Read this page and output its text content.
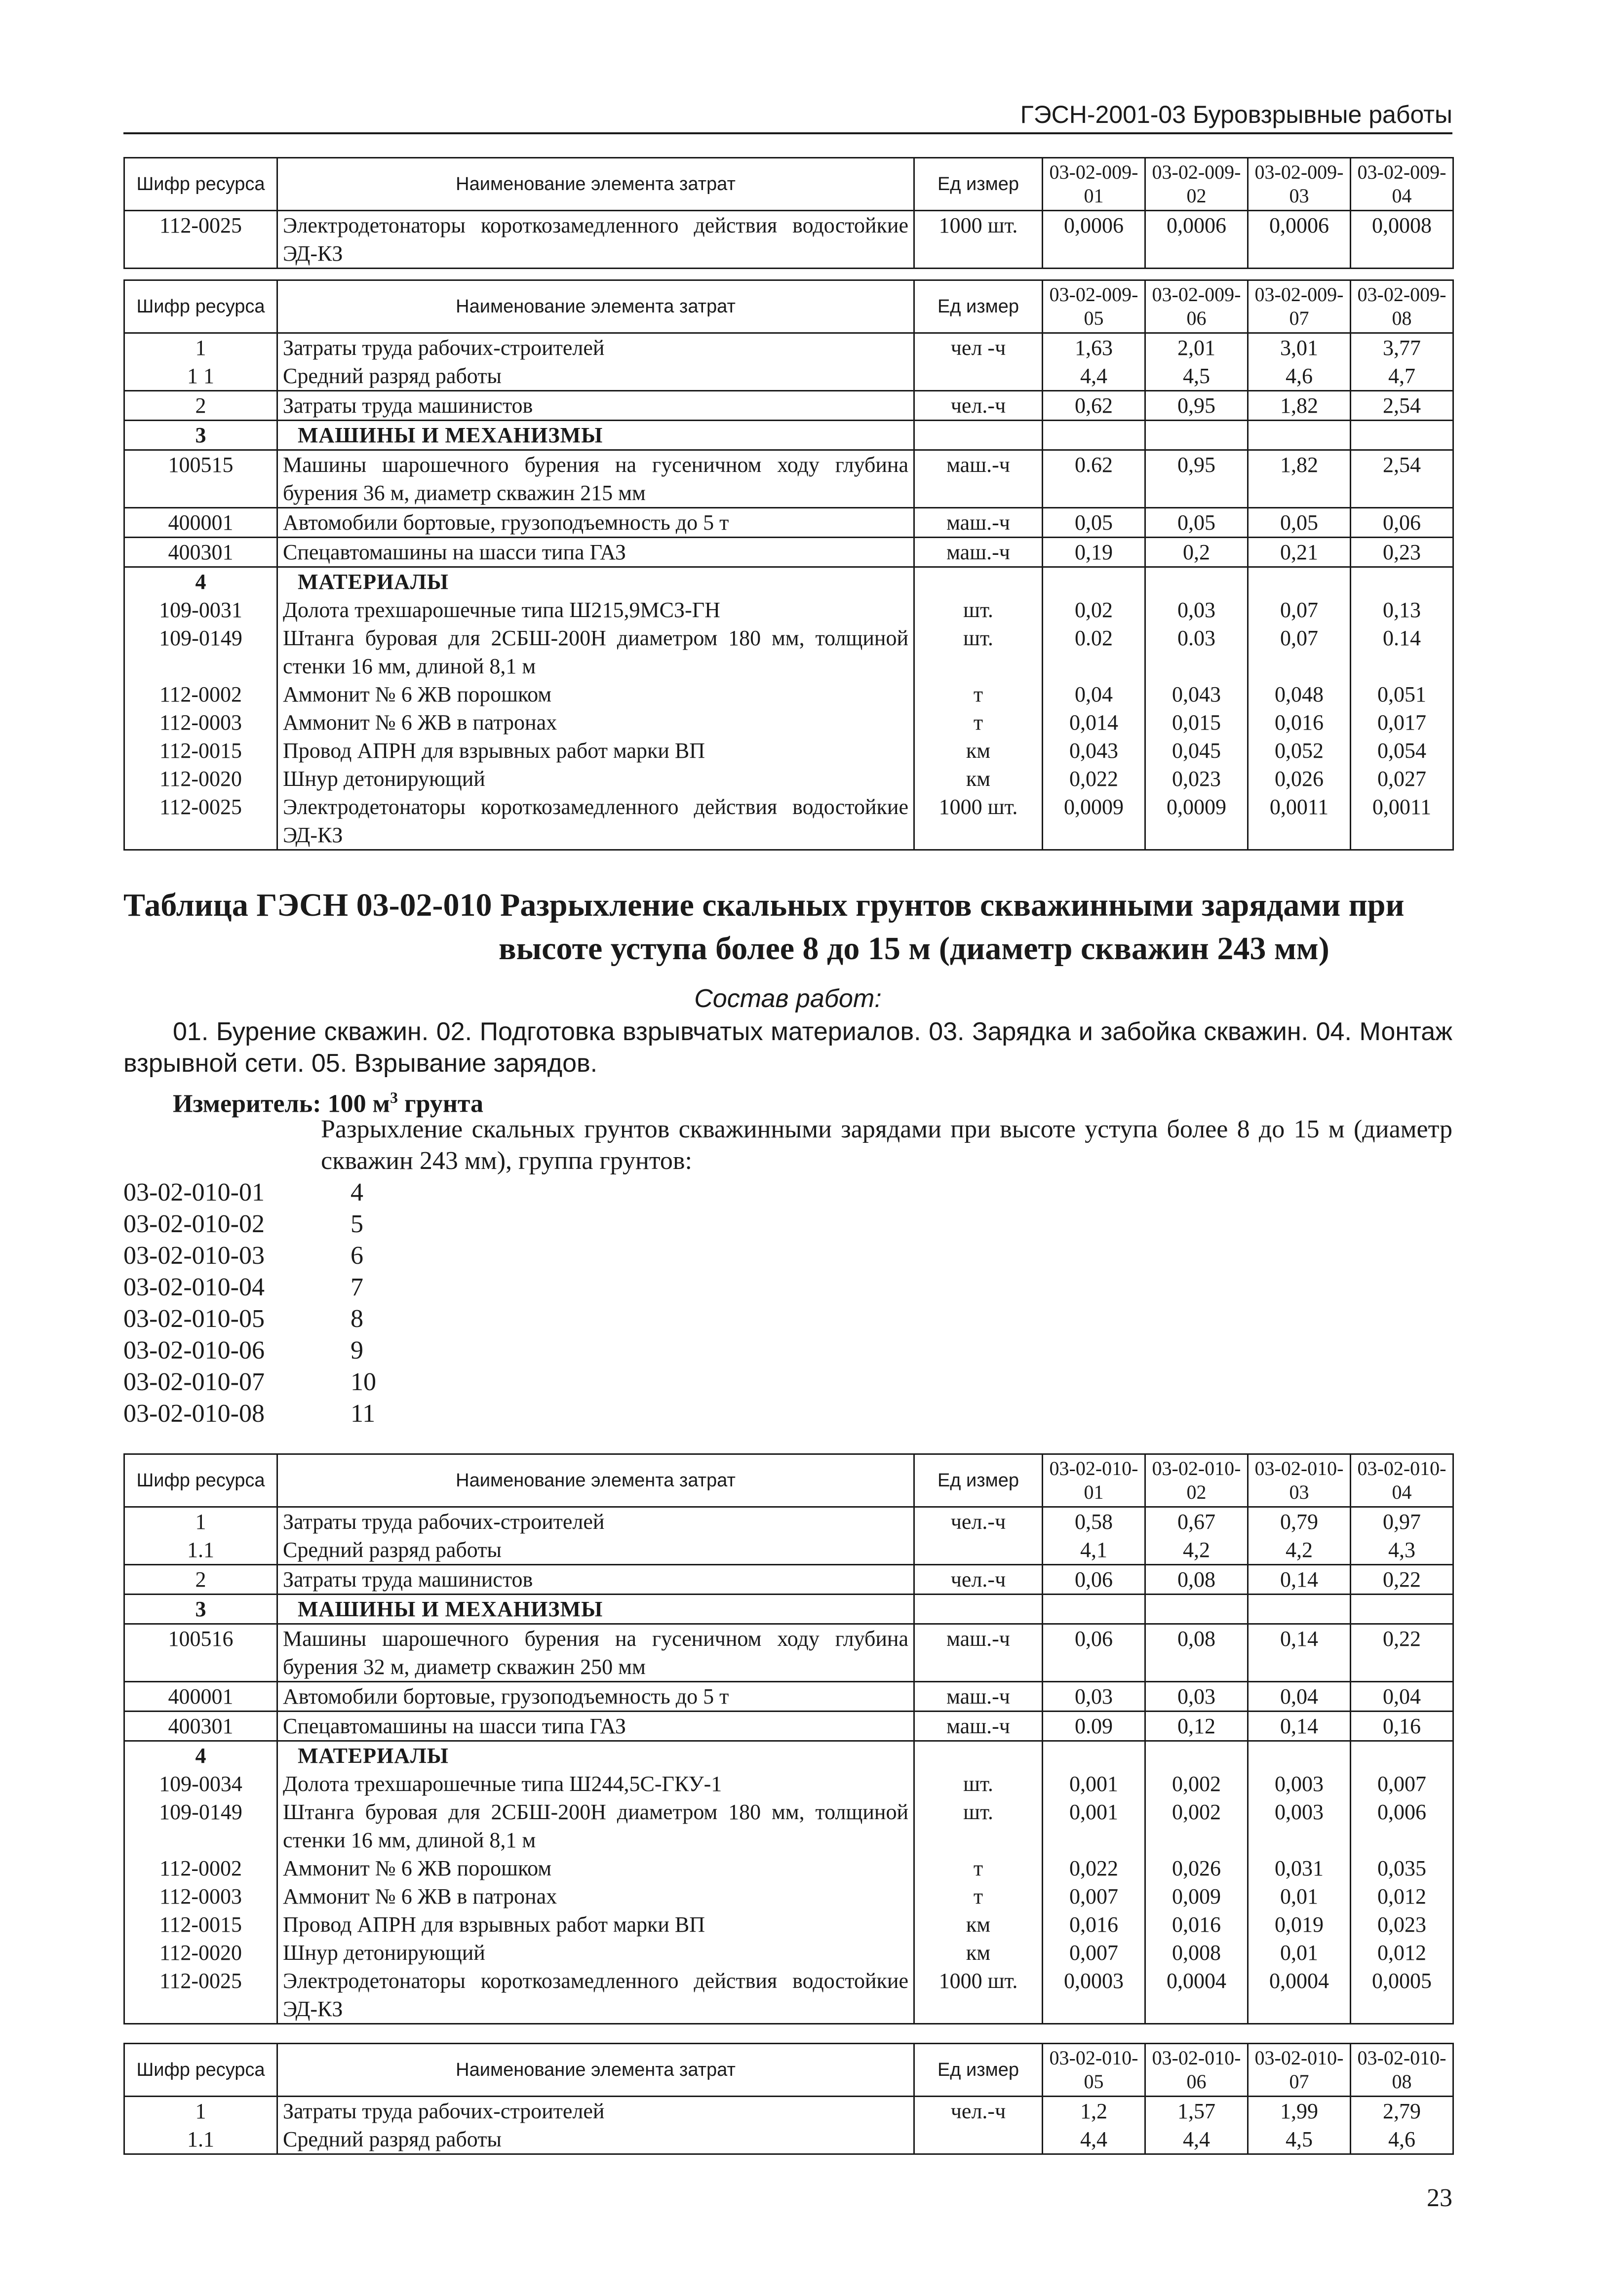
ГЭСН-2001-03 Буровзрывные работы
Шифр ресурса	Наименование элемента затрат	Ед измер	03-02-009-01	03-02-009-02	03-02-009-03	03-02-009-04
112-0025	Электродетонаторы короткозамедленного действия водостойкие ЭД-КЗ	1000 шт.	0,0006	0,0006	0,0006	0,0008
Шифр ресурса	Наименование элемента затрат	Ед измер	03-02-009-05	03-02-009-06	03-02-009-07	03-02-009-08
1	Затраты труда рабочих-строителей	чел -ч	1,63	2,01	3,01	3,77
1 1	Средний разряд работы		4,4	4,5	4,6	4,7
2	Затраты труда машинистов	чел.-ч	0,62	0,95	1,82	2,54
3	МАШИНЫ И МЕХАНИЗМЫ					
100515	Машины шарошечного бурения на гусеничном ходу глубина бурения 36 м, диаметр скважин 215 мм	маш.-ч	0.62	0,95	1,82	2,54
400001	Автомобили бортовые, грузоподъемность до 5 т	маш.-ч	0,05	0,05	0,05	0,06
400301	Спецавтомашины на шасси типа ГАЗ	маш.-ч	0,19	0,2	0,21	0,23
4	МАТЕРИАЛЫ					
109-0031	Долота трехшарошечные типа Ш215,9МСЗ-ГН	шт.	0,02	0,03	0,07	0,13
109-0149	Штанга буровая для 2СБШ-200Н диаметром 180 мм, толщиной стенки 16 мм, длиной 8,1 м	шт.	0.02	0.03	0,07	0.14
112-0002	Аммонит № 6 ЖВ порошком	т	0,04	0,043	0,048	0,051
112-0003	Аммонит № 6 ЖВ в патронах	т	0,014	0,015	0,016	0,017
112-0015	Провод АПРН для взрывных работ марки ВП	км	0,043	0,045	0,052	0,054
112-0020	Шнур детонирующий	км	0,022	0,023	0,026	0,027
112-0025	Электродетонаторы короткозамедленного действия водостойкие ЭД-КЗ	1000 шт.	0,0009	0,0009	0,0011	0,0011
Таблица ГЭСН 03-02-010 Разрыхление скальных грунтов скважинными зарядами при
высоте уступа более 8 до 15 м (диаметр скважин 243 мм)
Состав работ:
01. Бурение скважин. 02. Подготовка взрывчатых материалов. 03. Зарядка и забойка скважин. 04. Монтаж взрывной сети. 05. Взрывание зарядов.
Измеритель: 100 $м^3$ грунта
Разрыхление скальных грунтов скважинными зарядами при высоте уступа более 8 до 15 м (диаметр скважин 243 мм), группа грунтов:
03-02-010-01	4
03-02-010-02	5
03-02-010-03	6
03-02-010-04	7
03-02-010-05	8
03-02-010-06	9
03-02-010-07	10
03-02-010-08	11
Шифр ресурса	Наименование элемента затрат	Ед измер	03-02-010-01	03-02-010-02	03-02-010-03	03-02-010-04
1	Затраты труда рабочих-строителей	чел.-ч	0,58	0,67	0,79	0,97
1.1	Средний разряд работы		4,1	4,2	4,2	4,3
2	Затраты труда машинистов	чел.-ч	0,06	0,08	0,14	0,22
3	МАШИНЫ И МЕХАНИЗМЫ					
100516	Машины шарошечного бурения на гусеничном ходу глубина бурения 32 м, диаметр скважин 250 мм	маш.-ч	0,06	0,08	0,14	0,22
400001	Автомобили бортовые, грузоподъемность до 5 т	маш.-ч	0,03	0,03	0,04	0,04
400301	Спецавтомашины на шасси типа ГАЗ	маш.-ч	0.09	0,12	0,14	0,16
4	МАТЕРИАЛЫ					
109-0034	Долота трехшарошечные типа Ш244,5С-ГКУ-1	шт.	0,001	0,002	0,003	0,007
109-0149	Штанга буровая для 2СБШ-200Н диаметром 180 мм, толщиной стенки 16 мм, длиной 8,1 м	шт.	0,001	0,002	0,003	0,006
112-0002	Аммонит № 6 ЖВ порошком	т	0,022	0,026	0,031	0,035
112-0003	Аммонит № 6 ЖВ в патронах	т	0,007	0,009	0,01	0,012
112-0015	Провод АПРН для взрывных работ марки ВП	км	0,016	0,016	0,019	0,023
112-0020	Шнур детонирующий	км	0,007	0,008	0,01	0,012
112-0025	Электродетонаторы короткозамедленного действия водостойкие ЭД-КЗ	1000 шт.	0,0003	0,0004	0,0004	0,0005
Шифр ресурса	Наименование элемента затрат	Ед измер	03-02-010-05	03-02-010-06	03-02-010-07	03-02-010-08
1	Затраты труда рабочих-строителей	чел.-ч	1,2	1,57	1,99	2,79
1.1	Средний разряд работы		4,4	4,4	4,5	4,6
23
